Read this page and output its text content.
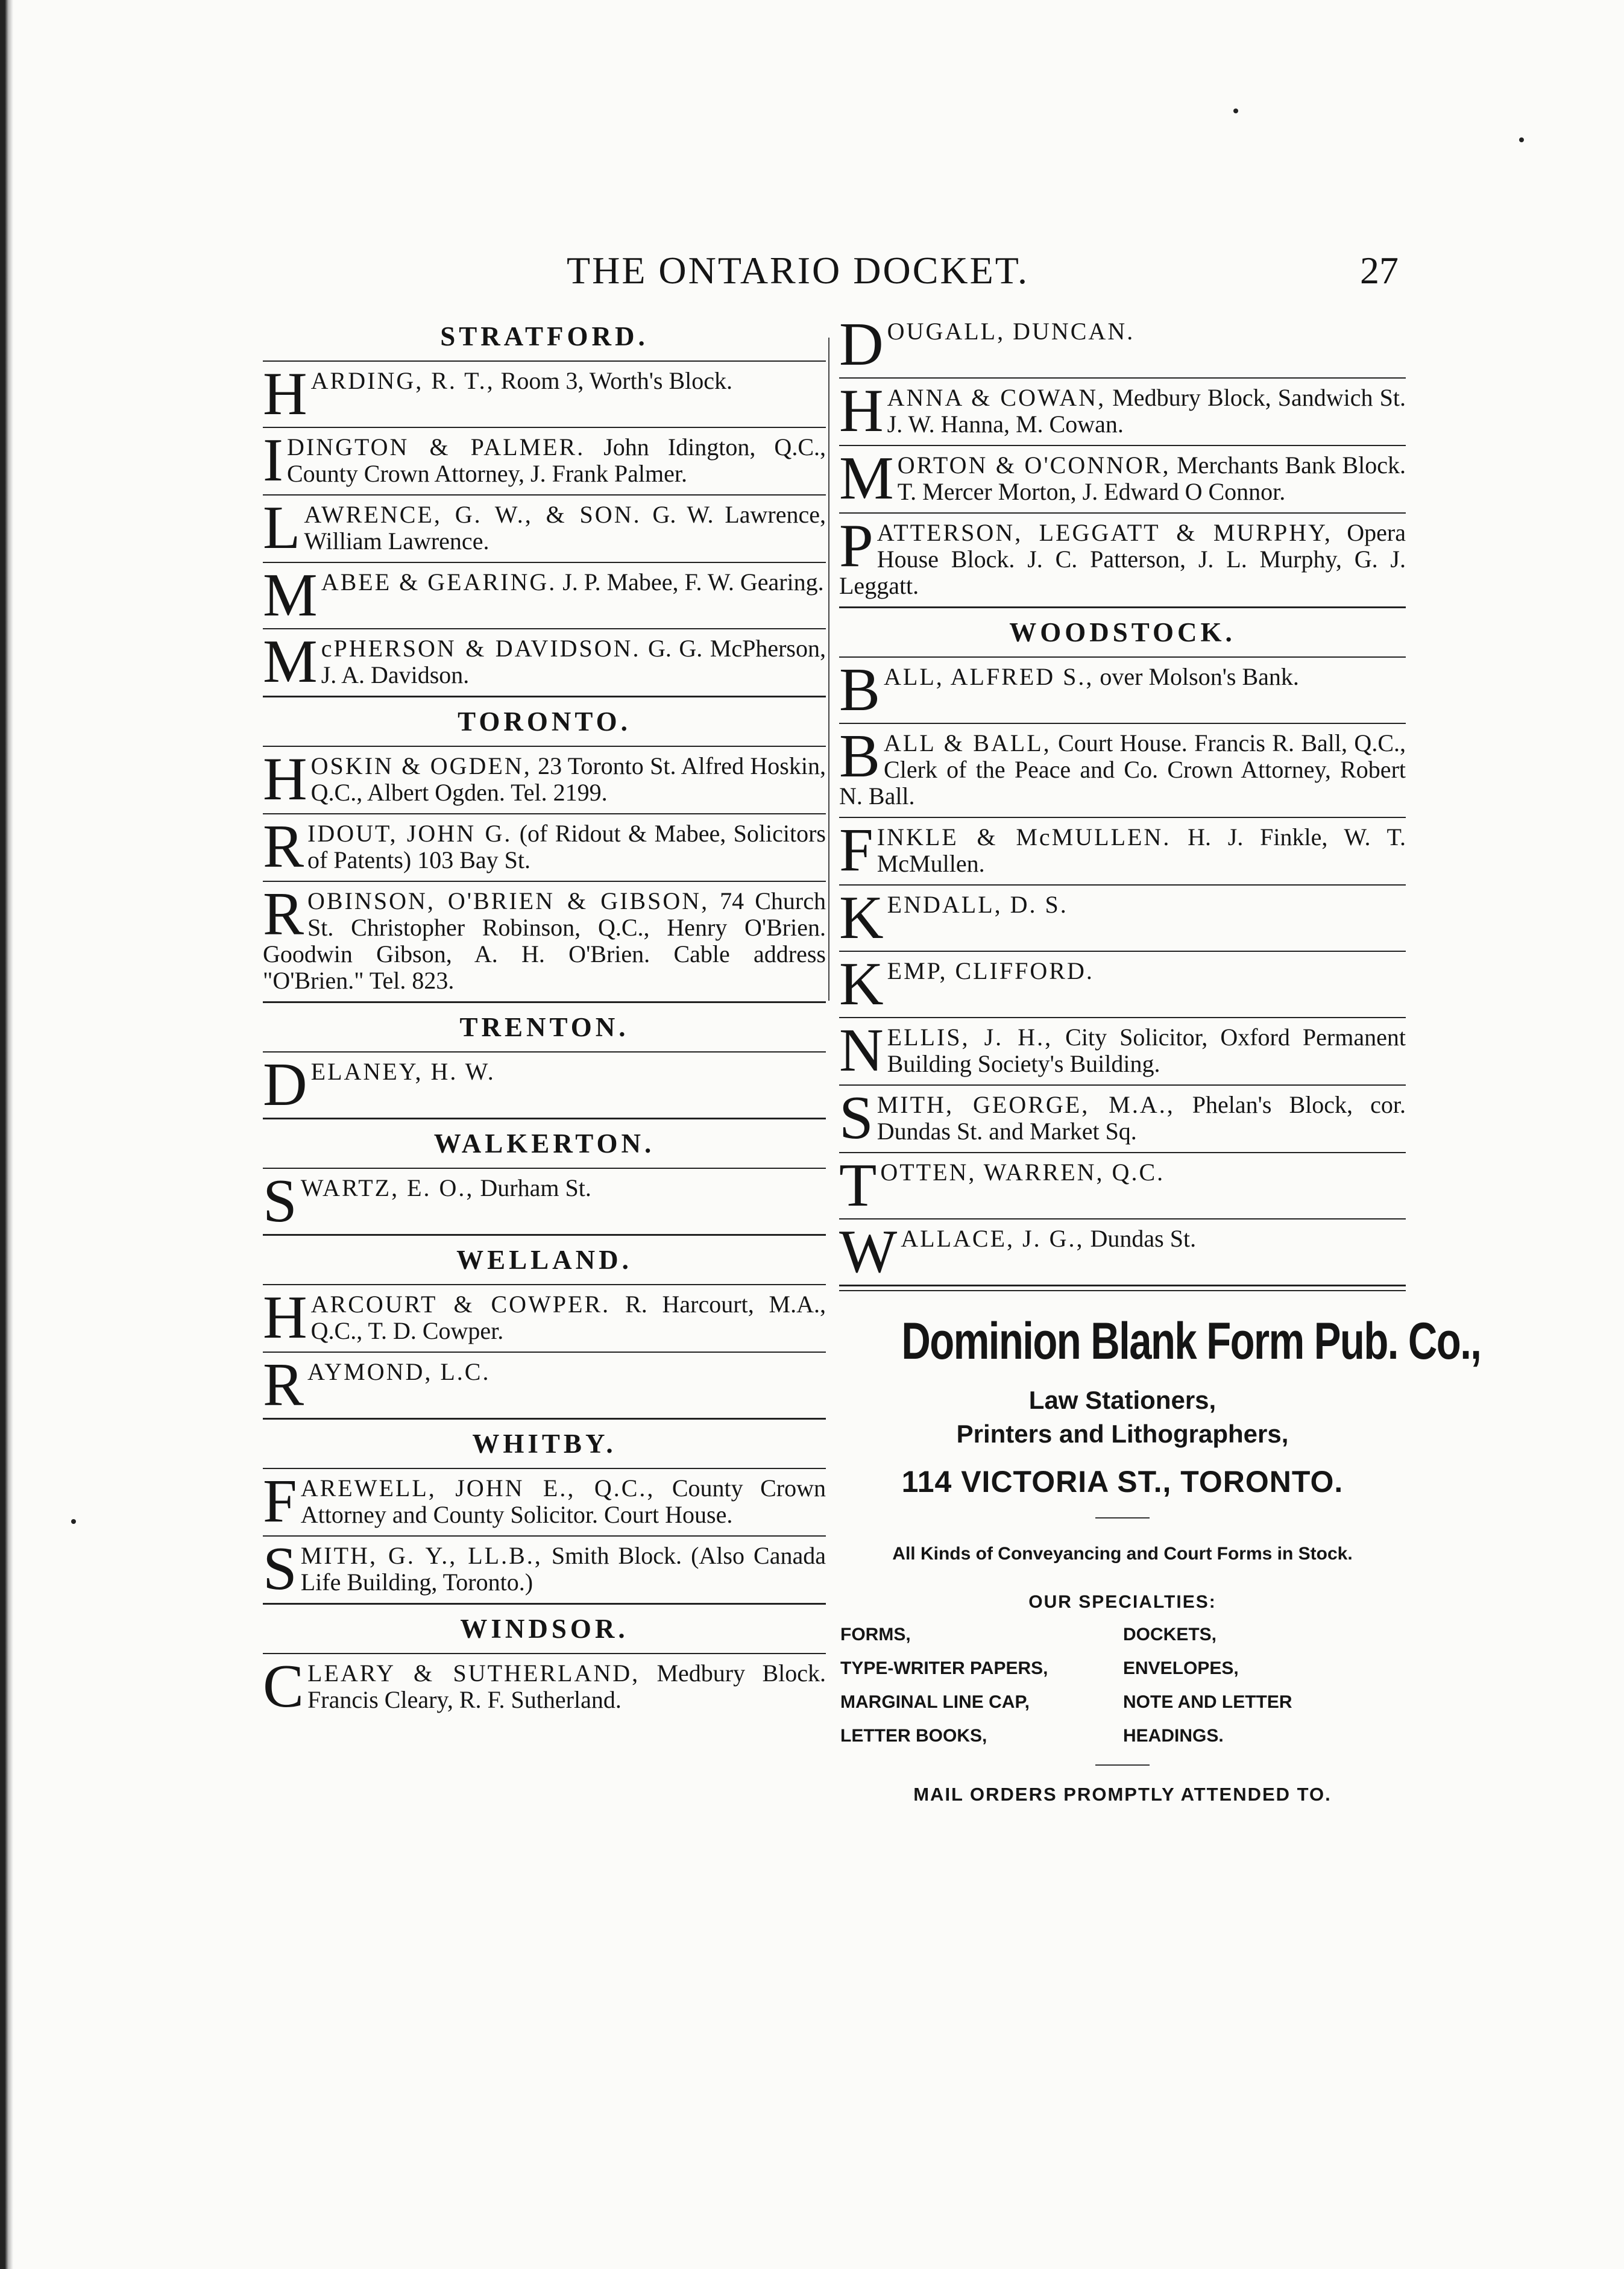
THE ONTARIO DOCKET.	27
STRATFORD.
HARDING, R. T., Room 3, Worth's Block.
IDINGTON & PALMER. John Idington, Q.C., County Crown Attorney, J. Frank Palmer.
LAWRENCE, G. W., & SON. G. W. Lawrence, William Lawrence.
MABEE & GEARING. J. P. Mabee, F. W. Gearing.
McPHERSON & DAVIDSON. G. G. McPherson, J. A. Davidson.
TORONTO.
HOSKIN & OGDEN, 23 Toronto St. Alfred Hoskin, Q.C., Albert Ogden. Tel. 2199.
RIDOUT, JOHN G. (of Ridout & Mabee, Solicitors of Patents) 103 Bay St.
ROBINSON, O'BRIEN & GIBSON, 74 Church St. Christopher Robinson, Q.C., Henry O'Brien. Goodwin Gibson, A. H. O'Brien. Cable address "O'Brien." Tel. 823.
TRENTON.
DELANEY, H. W.
WALKERTON.
SWARTZ, E. O., Durham St.
WELLAND.
HARCOURT & COWPER. R. Harcourt, M.A., Q.C., T. D. Cowper.
RAYMOND, L.C.
WHITBY.
FAREWELL, JOHN E., Q.C., County Crown Attorney and County Solicitor. Court House.
SMITH, G. Y., LL.B., Smith Block. (Also Canada Life Building, Toronto.)
WINDSOR.
CLEARY & SUTHERLAND, Medbury Block. Francis Cleary, R. F. Sutherland.
DOUGALL, DUNCAN.
HANNA & COWAN, Medbury Block, Sandwich St. J. W. Hanna, M. Cowan.
MORTON & O'CONNOR, Merchants Bank Block. T. Mercer Morton, J. Edward O Connor.
PATTERSON, LEGGATT & MURPHY, Opera House Block. J. C. Patterson, J. L. Murphy, G. J. Leggatt.
WOODSTOCK.
BALL, ALFRED S., over Molson's Bank.
BALL & BALL, Court House. Francis R. Ball, Q.C., Clerk of the Peace and Co. Crown Attorney, Robert N. Ball.
FINKLE & McMULLEN. H. J. Finkle, W. T. McMullen.
KENDALL, D. S.
KEMP, CLIFFORD.
NELLIS, J. H., City Solicitor, Oxford Permanent Building Society's Building.
SMITH, GEORGE, M.A., Phelan's Block, cor. Dundas St. and Market Sq.
TOTTEN, WARREN, Q.C.
WALLACE, J. G., Dundas St.
Dominion Blank Form Pub. Co.,
Law Stationers,
Printers and Lithographers,
114 VICTORIA ST., TORONTO.
All Kinds of Conveyancing and Court Forms in Stock.
OUR SPECIALTIES:
FORMS,	DOCKETS,
TYPE-WRITER PAPERS,	ENVELOPES,
MARGINAL LINE CAP,	NOTE AND LETTER
LETTER BOOKS,	HEADINGS.
MAIL ORDERS PROMPTLY ATTENDED TO.
